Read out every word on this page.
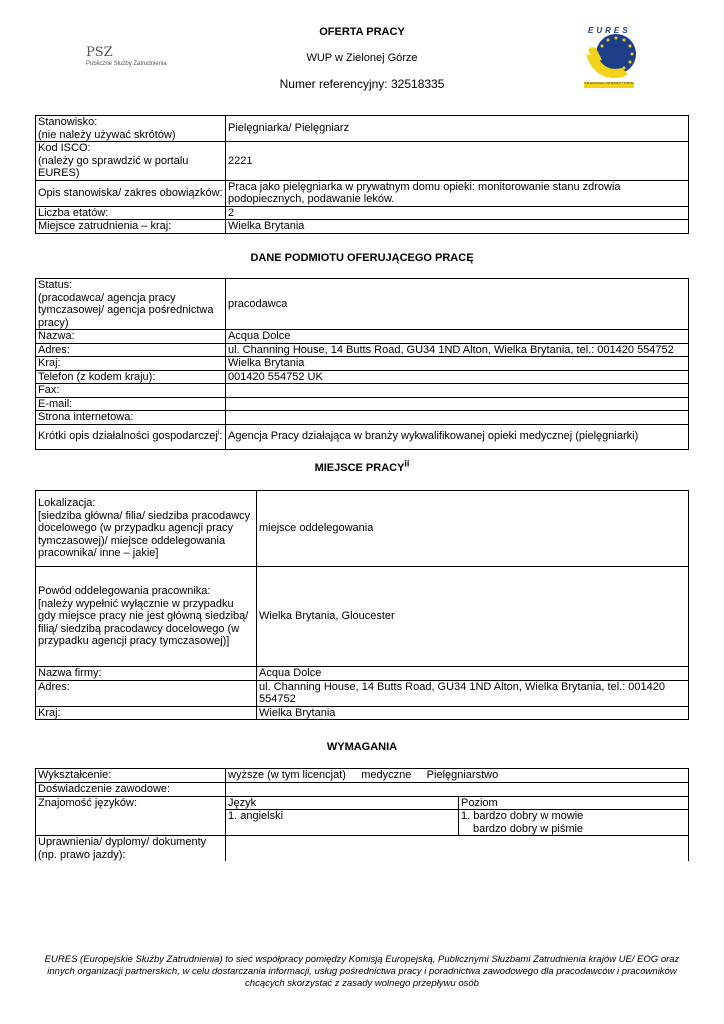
OFERTA PRACY
WUP w Zielonej Górze
Numer referencyjny: 32518335
PSZ
Publiczne Służby Zatrudnienia
EURES
THE EUROPEAN JOB MOBILITY PORTAL
Stanowisko:
(nie należy używać skrótów)	Pielęgniarka/ Pielęgniarz
Kod ISCO:
(należy go sprawdzić w portalu EURES)	2221
Opis stanowiska/ zakres obowiązków:	Praca jako pielęgniarka w prywatnym domu opieki: monitorowanie stanu zdrowia podopiecznych, podawanie leków.
Liczba etatów:	2
Miejsce zatrudnienia – kraj:	Wielka Brytania
DANE PODMIOTU OFERUJĄCEGO PRACĘ
Status:
(pracodawca/ agencja pracy tymczasowej/ agencja pośrednictwa pracy)	pracodawca
Nazwa:	Acqua Dolce
Adres:	ul. Channing House, 14 Butts Road, GU34 1ND Alton, Wielka Brytania, tel.: 001420 554752
Kraj:	Wielka Brytania
Telefon (z kodem kraju):	001420 554752 UK
Fax:	
E-mail:	
Strona internetowa:	
Krótki opis działalności gospodarczej$^i$:	Agencja Pracy działająca w branży wykwalifikowanej opieki medycznej (pielęgniarki)
MIEJSCE PRACY$^{ii}$
Lokalizacja:
[siedziba główna/ filia/ siedziba pracodawcy docelowego (w przypadku agencji pracy tymczasowej)/ miejsce oddelegowania pracownika/ inne – jakie]	miejsce oddelegowania
Powód oddelegowania pracownika:
[należy wypełnić wyłącznie w przypadku gdy miejsce pracy nie jest główną siedzibą/ filią/ siedzibą pracodawcy docelowego (w przypadku agencji pracy tymczasowej)]	Wielka Brytania, Gloucester
Nazwa firmy:	Acqua Dolce
Adres:	ul. Channing House, 14 Butts Road, GU34 1ND Alton, Wielka Brytania, tel.: 001420 554752
Kraj:	Wielka Brytania
WYMAGANIA
Wykształcenie:	wyższe (w tym licencjat) medyczne Pielęgniarstwo	
Doświadczenie zawodowe:		
Znajomość języków:	Język	Poziom
	1. angielski	1. bardzo dobry w mowie
bardzo dobry w piśmie

Uprawnienia/ dyplomy/ dokumenty
(np. prawo jazdy):		
EURES (Europejskie Służby Zatrudnienia) to sieć współpracy pomiędzy Komisją Europejską, Publicznymi Służbami Zatrudnienia krajów UE/ EOG oraz innych organizacji partnerskich, w celu dostarczania informacji, usług pośrednictwa pracy i poradnictwa zawodowego dla pracodawców i pracowników chcących skorzystać z zasady wolnego przepływu osób
